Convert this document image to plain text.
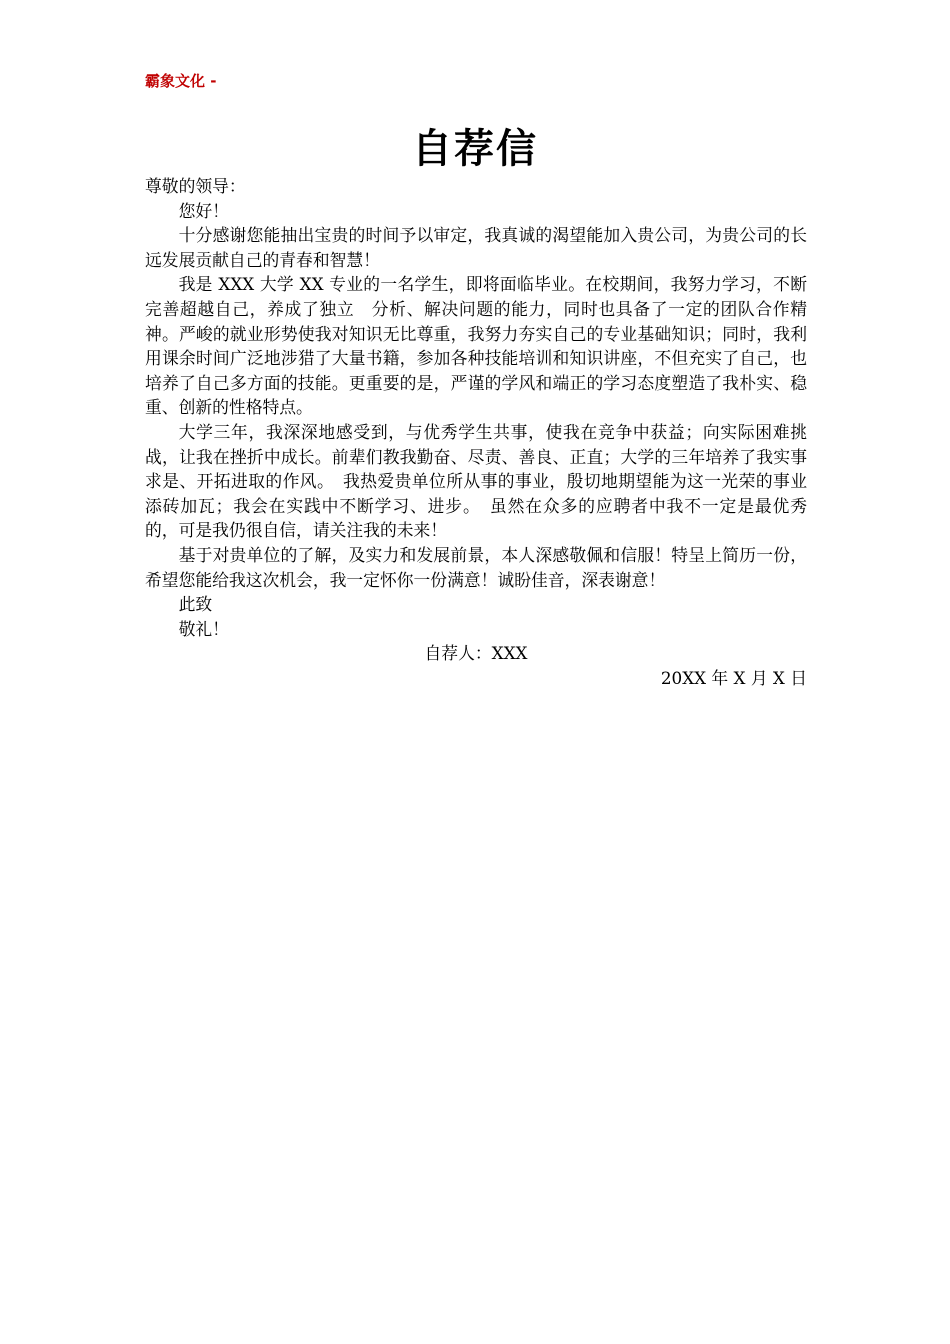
霸象文化 -
自荐信

尊敬的领导：

您好！

十分感谢您能抽出宝贵的时间予以审定，我真诚的渴望能加入贵公司，为贵公司的长远发展贡献自己的青春和智慧！

我是 XXX 大学 XX 专业的一名学生，即将面临毕业。在校期间，我努力学习，不断完善超越自己，养成了独立　分析、解决问题的能力，同时也具备了一定的团队合作精神。严峻的就业形势使我对知识无比尊重，我努力夯实自己的专业基础知识；同时，我利用课余时间广泛地涉猎了大量书籍，参加各种技能培训和知识讲座，不但充实了自己，也培养了自己多方面的技能。更重要的是，严谨的学风和端正的学习态度塑造了我朴实、稳重、创新的性格特点。

大学三年，我深深地感受到，与优秀学生共事，使我在竞争中获益；向实际困难挑战，让我在挫折中成长。前辈们教我勤奋、尽责、善良、正直；大学的三年培养了我实事求是、开拓进取的作风。　我热爱贵单位所从事的事业，殷切地期望能为这一光荣的事业添砖加瓦；我会在实践中不断学习、进步。　虽然在众多的应聘者中我不一定是最优秀的，可是我仍很自信，请关注我的未来！

基于对贵单位的了解，及实力和发展前景，本人深感敬佩和信服！特呈上简历一份，希望您能给我这次机会，我一定怀你一份满意！诚盼佳音，深表谢意！

此致

敬礼！

自荐人：XXX

20XX 年 X 月 X 日
